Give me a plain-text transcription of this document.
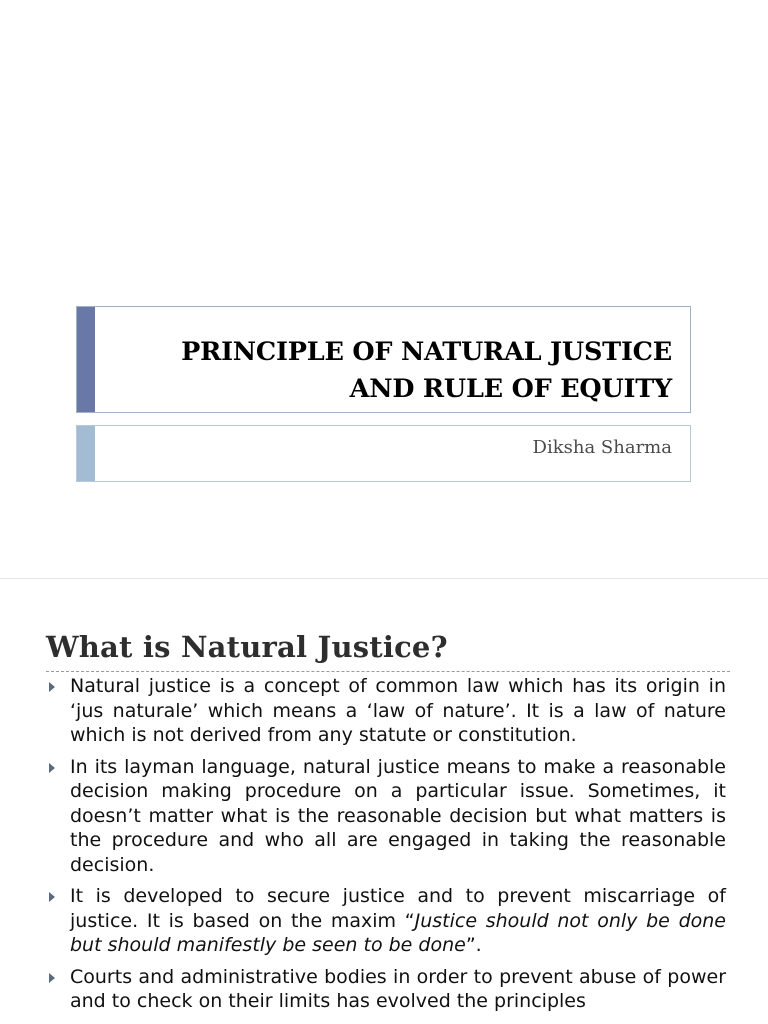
PRINCIPLE OF NATURAL JUSTICE
AND RULE OF EQUITY
Diksha Sharma
What is Natural Justice?
Natural justice is a concept of common law which has its origin in ‘jus naturale’ which means a ‘law of nature’. It is a law of nature which is not derived from any statute or constitution.
In its layman language, natural justice means to make a reasonable decision making procedure on a particular issue. Sometimes, it doesn’t matter what is the reasonable decision but what matters is the procedure and who all are engaged in taking the reasonable decision.
It is developed to secure justice and to prevent miscarriage of justice. It is based on the maxim “Justice should not only be done but should manifestly be seen to be done”.
Courts and administrative bodies in order to prevent abuse of power and to check on their limits has evolved the principles
